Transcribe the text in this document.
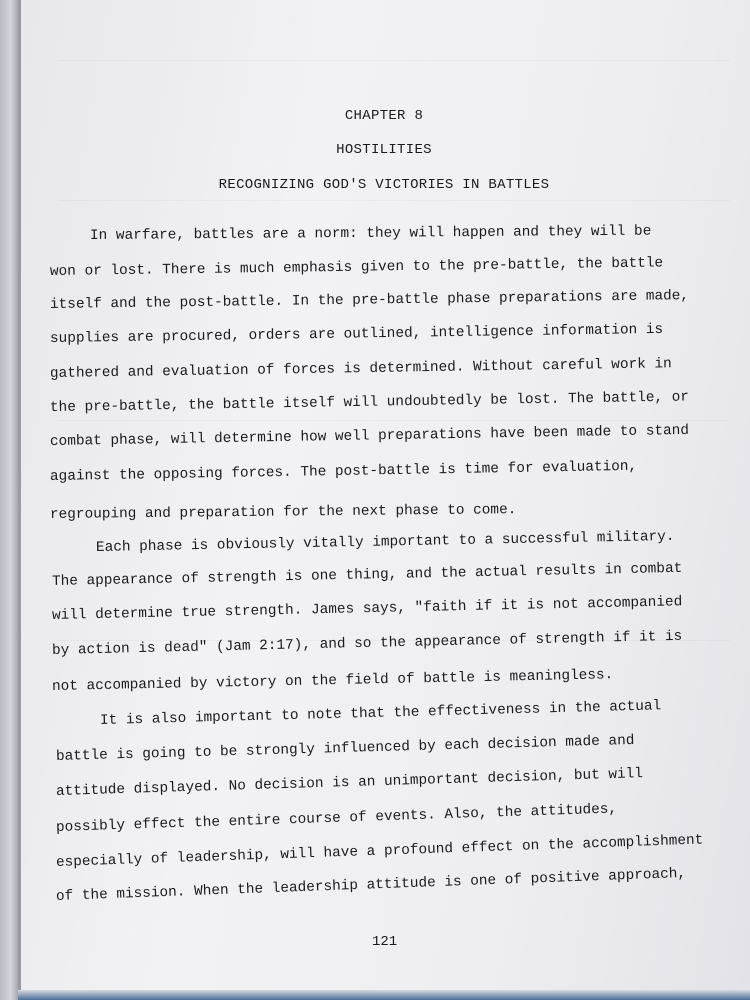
CHAPTER 8
HOSTILITIES
RECOGNIZING GOD'S VICTORIES IN BATTLES
In warfare, battles are a norm: they will happen and they will be
won or lost. There is much emphasis given to the pre-battle, the battle
itself and the post-battle. In the pre-battle phase preparations are made,
supplies are procured, orders are outlined, intelligence information is
gathered and evaluation of forces is determined. Without careful work in
the pre-battle, the battle itself will undoubtedly be lost. The battle, or
combat phase, will determine how well preparations have been made to stand
against the opposing forces. The post-battle is time for evaluation,
regrouping and preparation for the next phase to come.
Each phase is obviously vitally important to a successful military.
The appearance of strength is one thing, and the actual results in combat
will determine true strength. James says, "faith if it is not accompanied
by action is dead" (Jam 2:17), and so the appearance of strength if it is
not accompanied by victory on the field of battle is meaningless.
It is also important to note that the effectiveness in the actual
battle is going to be strongly influenced by each decision made and
attitude displayed. No decision is an unimportant decision, but will
possibly effect the entire course of events. Also, the attitudes,
especially of leadership, will have a profound effect on the accomplishment
of the mission. When the leadership attitude is one of positive approach,
121
